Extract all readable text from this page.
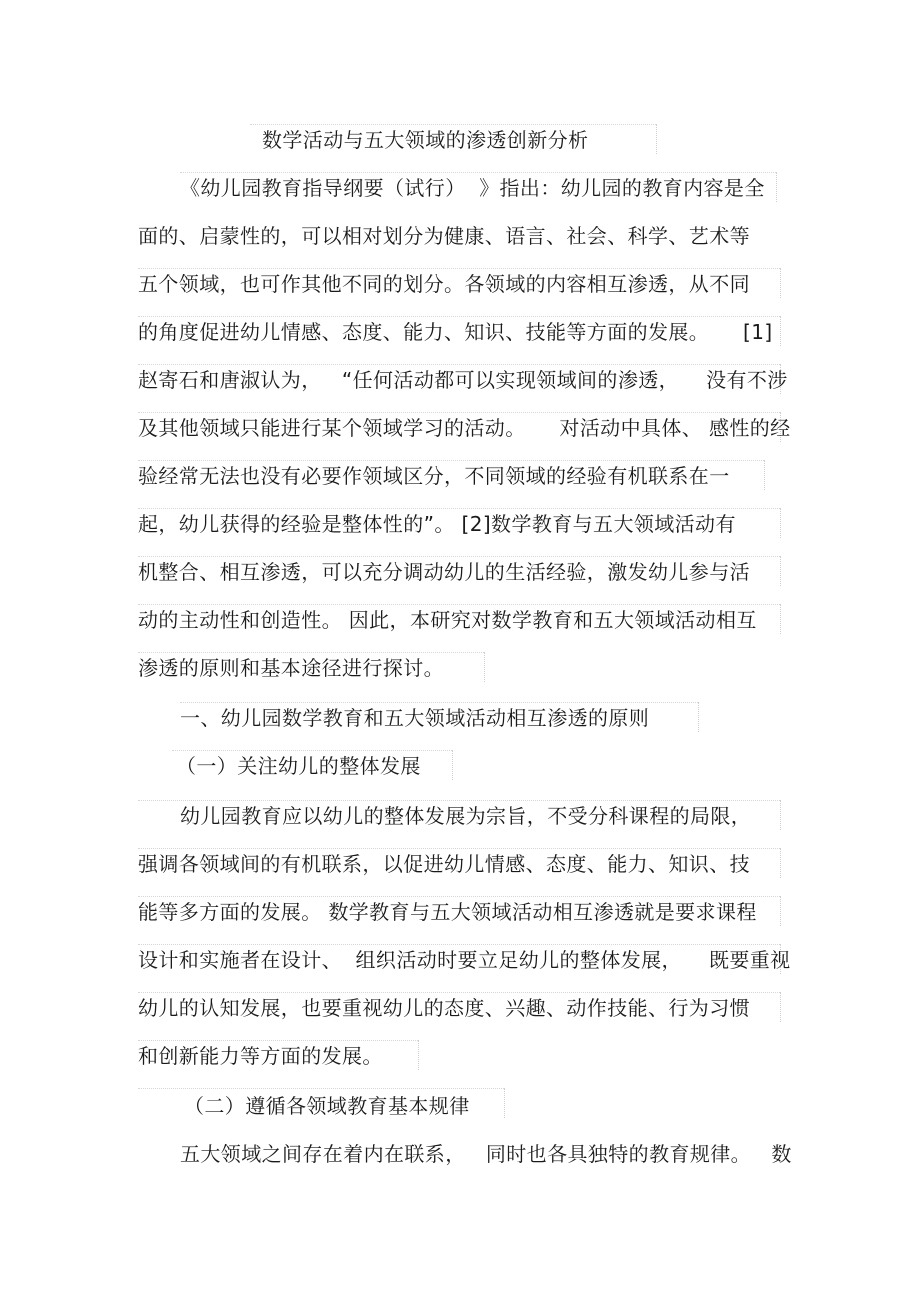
数学活动与五大领域的渗透创新分析
《幼儿园教育指导纲要（试行）  》指出：幼儿园的教育内容是全
面的、启蒙性的，可以相对划分为健康、语言、社会、科学、艺术等
五个领域，也可作其他不同的划分。各领域的内容相互渗透，从不同
的角度促进幼儿情感、态度、能力、知识、技能等方面的发展。     [1]
赵寄石和唐淑认为，   “任何活动都可以实现领域间的渗透，    没有不涉
及其他领域只能进行某个领域学习的活动。     对活动中具体、 感性的经
验经常无法也没有必要作领域区分，不同领域的经验有机联系在一
起，幼儿获得的经验是整体性的”。 [2]数学教育与五大领域活动有
机整合、相互渗透，可以充分调动幼儿的生活经验，激发幼儿参与活
动的主动性和创造性。 因此，本研究对数学教育和五大领域活动相互
渗透的原则和基本途径进行探讨。
一、幼儿园数学教育和五大领域活动相互渗透的原则
（一）关注幼儿的整体发展
幼儿园教育应以幼儿的整体发展为宗旨，不受分科课程的局限，
强调各领域间的有机联系，以促进幼儿情感、态度、能力、知识、技
能等多方面的发展。 数学教育与五大领域活动相互渗透就是要求课程
设计和实施者在设计、  组织活动时要立足幼儿的整体发展，    既要重视
幼儿的认知发展，也要重视幼儿的态度、兴趣、动作技能、行为习惯
和创新能力等方面的发展。
（二）遵循各领域教育基本规律
五大领域之间存在着内在联系，   同时也各具独特的教育规律。   数
